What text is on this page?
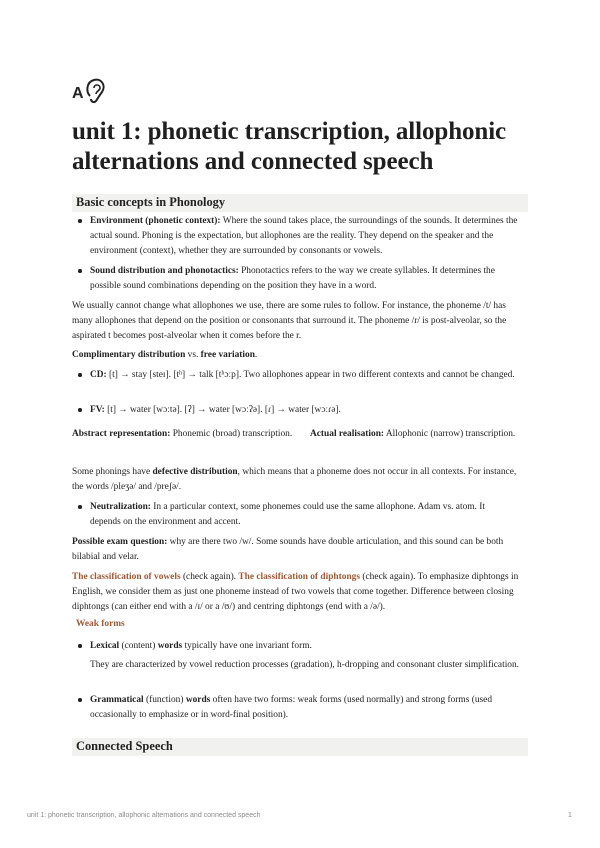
A
unit 1: phonetic transcription, allophonic alternations and connected speech
Basic concepts in Phonology
Environment (phonetic context): Where the sound takes place, the surroundings of the sounds. It determines the actual sound. Phoning is the expectation, but allophones are the reality. They depend on the speaker and the environment (context), whether they are surrounded by consonants or vowels.
Sound distribution and phonotactics: Phonotactics refers to the way we create syllables. It determines the possible sound combinations depending on the position they have in a word.
We usually cannot change what allophones we use, there are some rules to follow. For instance, the phoneme /t/ has many allophones that depend on the position or consonants that surround it. The phoneme /r/ is post-alveolar, so the aspirated t becomes post-alveolar when it comes before the r.
Complimentary distribution vs. free variation.
CD: [t] → stay [steɪ]. [tʰ] → talk [tʰɔːp]. Two allophones appear in two different contexts and cannot be changed.
FV: [t] → water [wɔːtə]. [ʔ] → water [wɔːʔə]. [ɾ] → water [wɔːɾə].
Abstract representation: Phonemic (broad) transcription.	Actual realisation: Allophonic (narrow) transcription.
Some phonings have defective distribution, which means that a phoneme does not occur in all contexts. For instance, the words /pleʒə/ and /preʃə/.
Neutralization: In a particular context, some phonemes could use the same allophone. Adam vs. atom. It depends on the environment and accent.
Possible exam question: why are there two /w/. Some sounds have double articulation, and this sound can be both bilabial and velar.
The classification of vowels (check again). The classification of diphtongs (check again). To emphasize diphtongs in English, we consider them as just one phoneme instead of two vowels that come together. Difference between closing diphtongs (can either end with a /ɪ/ or a /ʊ/) and centring diphtongs (end with a /ə/).
Weak forms
Lexical (content) words typically have one invariant form.
They are characterized by vowel reduction processes (gradation), h-dropping and consonant cluster simplification.
Grammatical (function) words often have two forms: weak forms (used normally) and strong forms (used occasionally to emphasize or in word-final position).
Connected Speech
unit 1: phonetic transcription, allophonic alternations and connected speech	1
